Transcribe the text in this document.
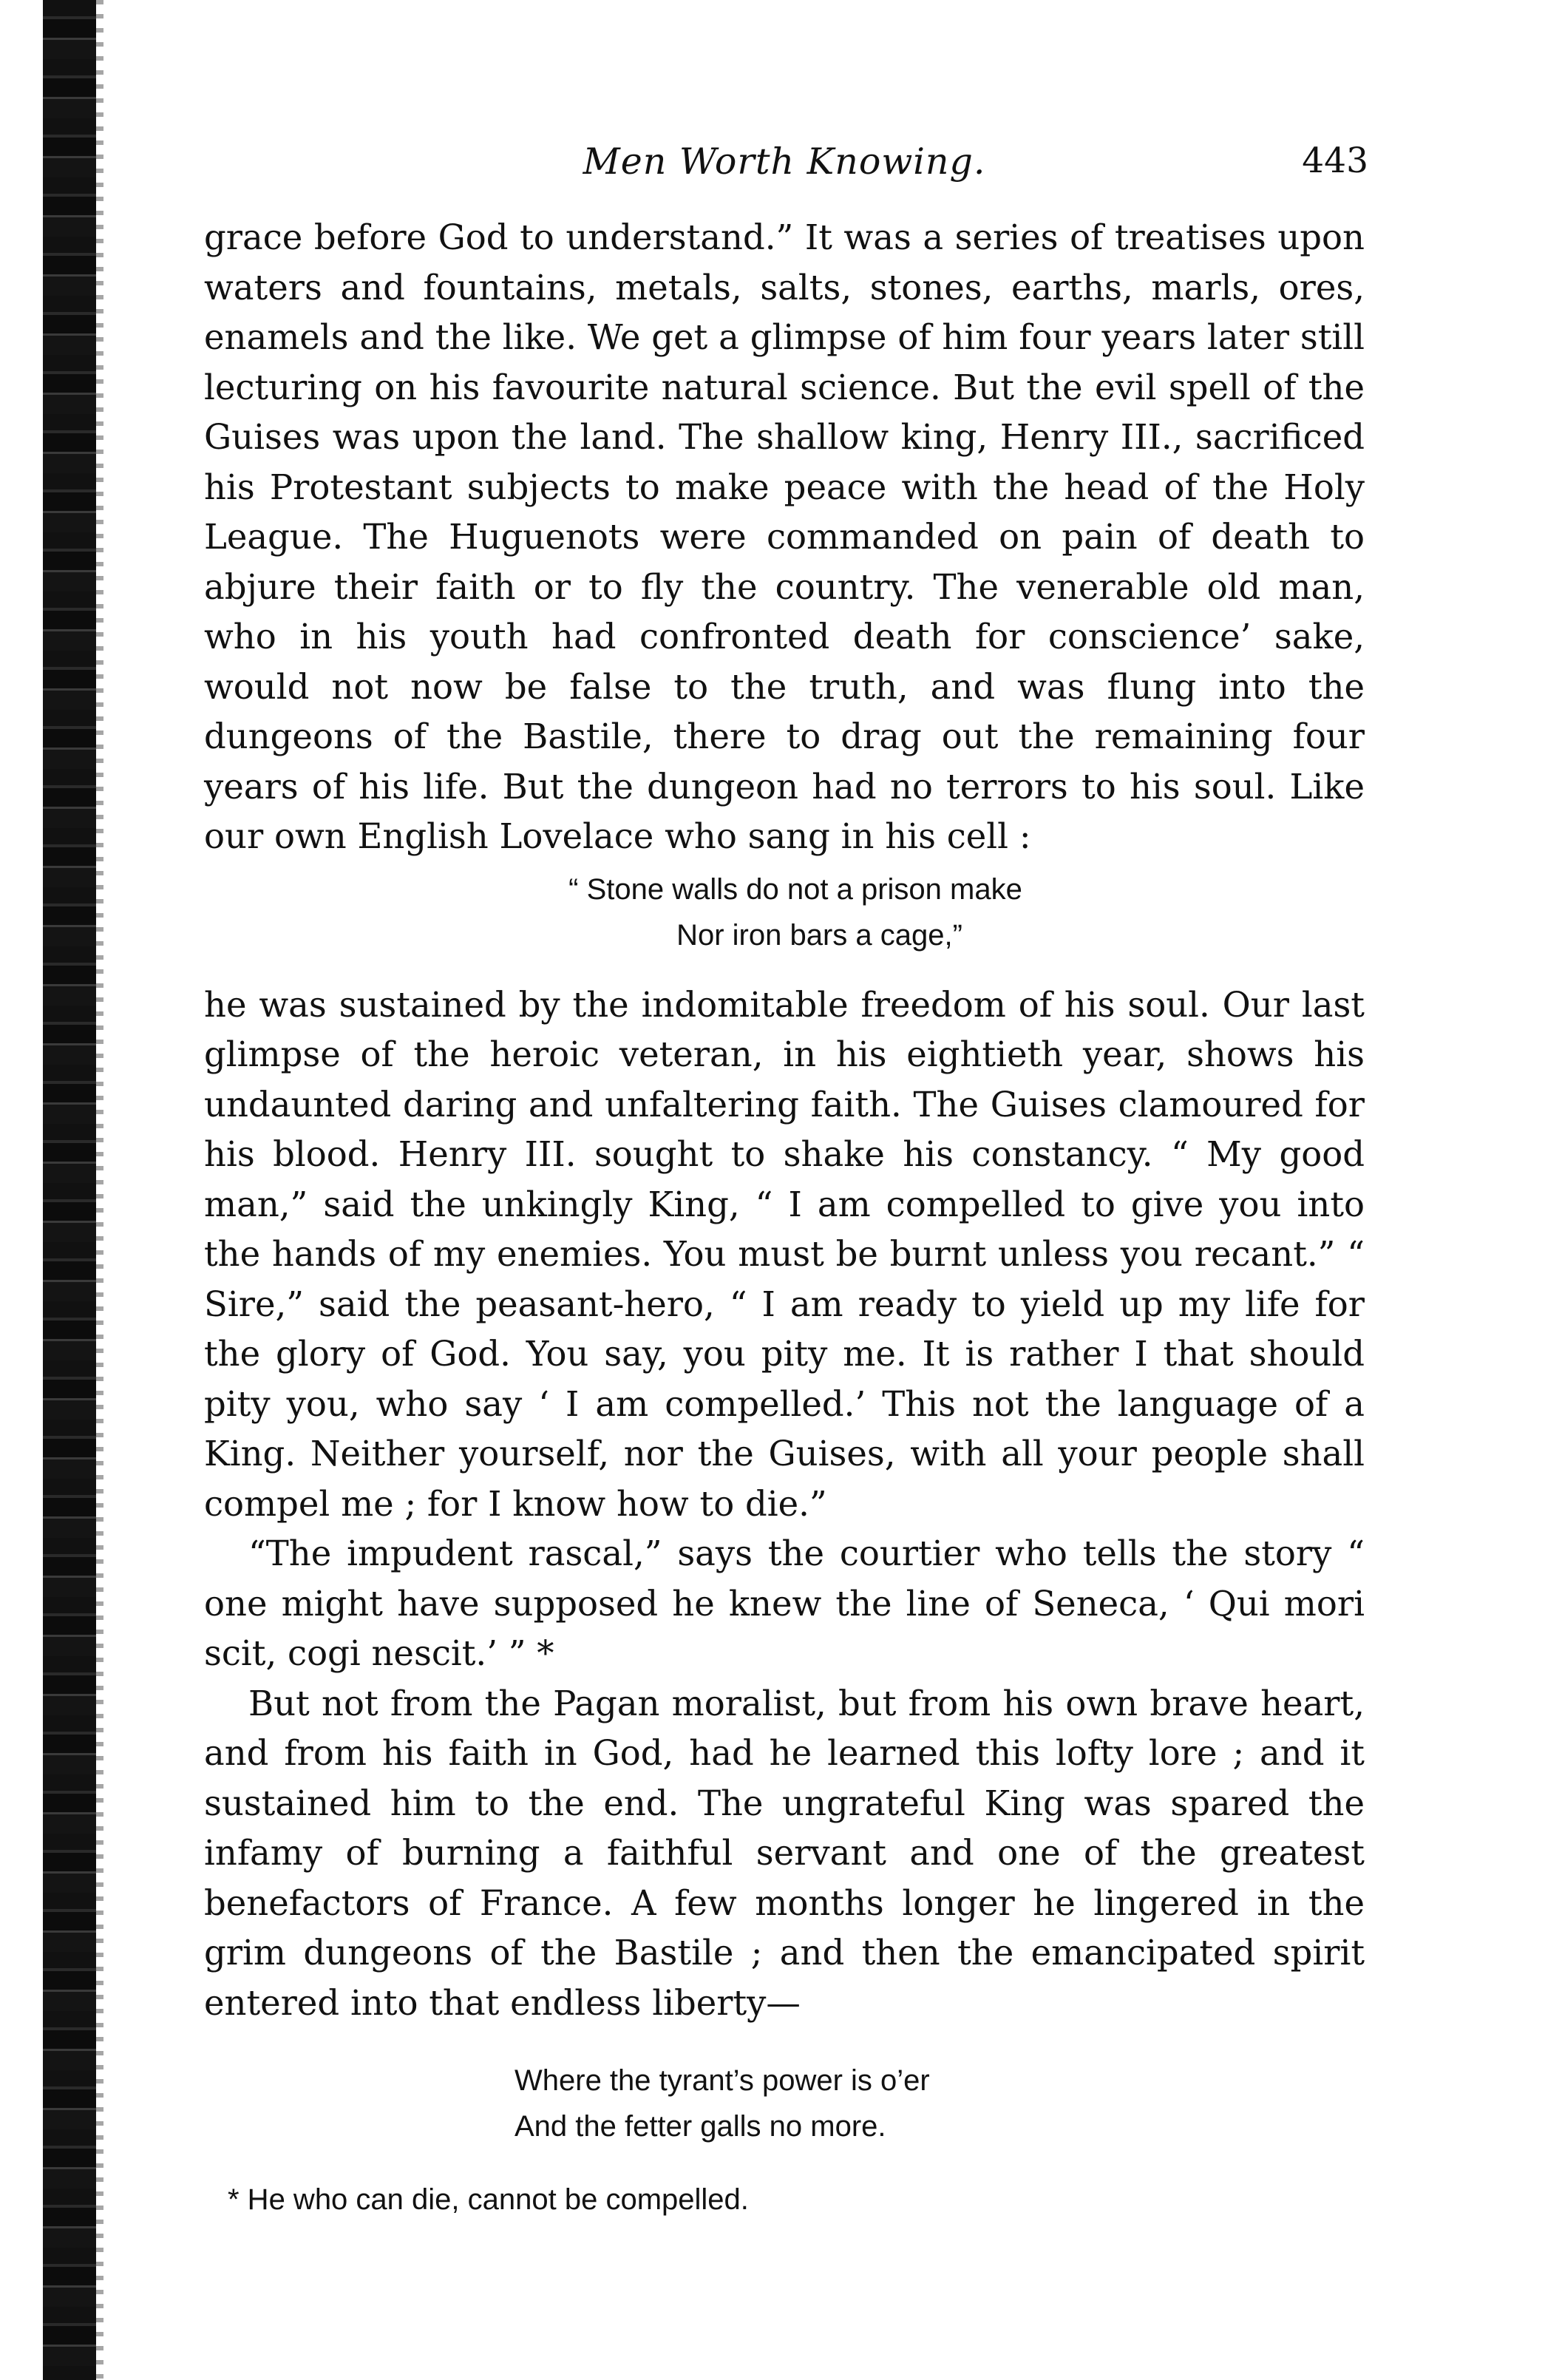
Men Worth Knowing.	443

grace before God to understand.” It was a series of treatises upon waters and fountains, metals, salts, stones, earths, marls, ores, enamels and the like. We get a glimpse of him four years later still lecturing on his favourite natural science. But the evil spell of the Guises was upon the land. The shallow king, Henry III., sacrificed his Protestant subjects to make peace with the head of the Holy League. The Huguenots were commanded on pain of death to abjure their faith or to fly the country. The venerable old man, who in his youth had confronted death for conscience’ sake, would not now be false to the truth, and was flung into the dungeons of the Bastile, there to drag out the remaining four years of his life. But the dungeon had no terrors to his soul. Like our own English Lovelace who sang in his cell :

“ Stone walls do not a prison make
Nor iron bars a cage,”

he was sustained by the indomitable freedom of his soul. Our last glimpse of the heroic veteran, in his eightieth year, shows his undaunted daring and unfaltering faith. The Guises clamoured for his blood. Henry III. sought to shake his constancy. “ My good man,” said the unkingly King, “ I am compelled to give you into the hands of my enemies. You must be burnt unless you recant.” “ Sire,” said the peasant-hero, “ I am ready to yield up my life for the glory of God. You say, you pity me. It is rather I that should pity you, who say ‘ I am compelled.’ This not the language of a King. Neither yourself, nor the Guises, with all your people shall compel me ; for I know how to die.”

“The impudent rascal,” says the courtier who tells the story “ one might have supposed he knew the line of Seneca, ‘ Qui mori scit, cogi nescit.’ ” *

But not from the Pagan moralist, but from his own brave heart, and from his faith in God, had he learned this lofty lore ; and it sustained him to the end. The ungrateful King was spared the infamy of burning a faithful servant and one of the greatest benefactors of France. A few months longer he lingered in the grim dungeons of the Bastile ; and then the emancipated spirit entered into that endless liberty—

Where the tyrant’s power is o’er
And the fetter galls no more.
* He who can die, cannot be compelled.
